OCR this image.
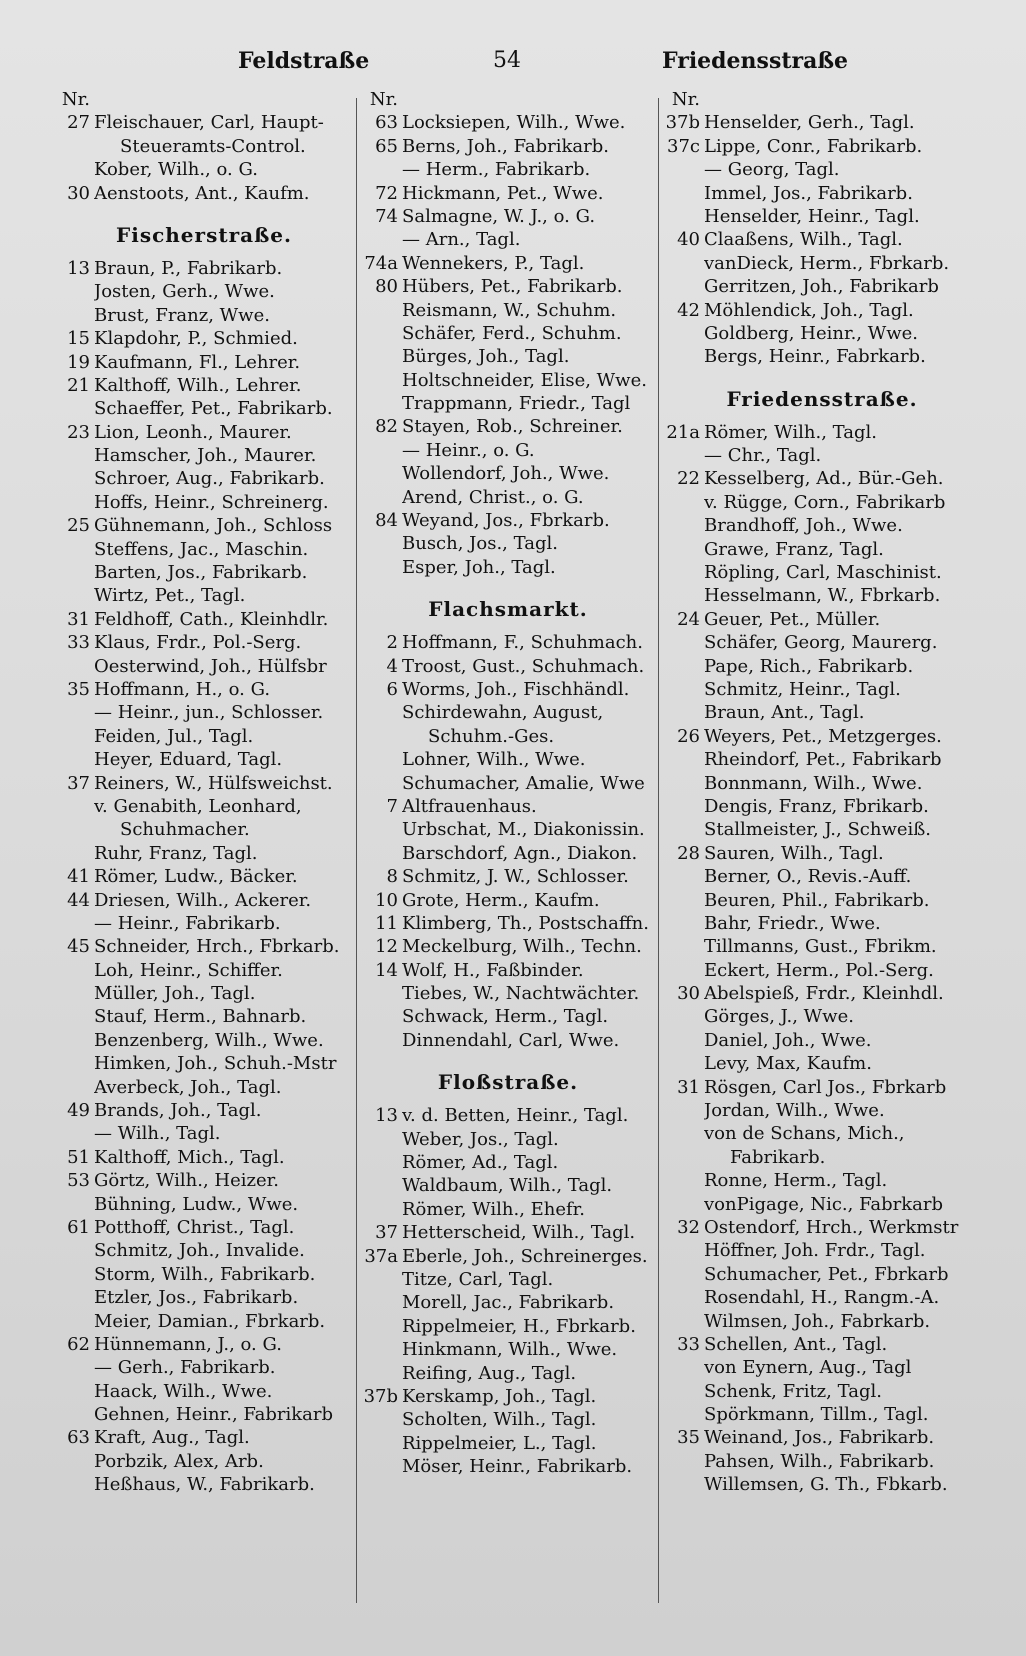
Feldstraße	54	Friedensstraße
Nr.
27 Fleischauer, Carl, Haupt-
Steueramts-Control.
Kober, Wilh., o. G.
30 Aenstoots, Ant., Kaufm.
Fischerstraße.
13 Braun, P., Fabrikarb.
Josten, Gerh., Wwe.
Brust, Franz, Wwe.
15 Klapdohr, P., Schmied.
19 Kaufmann, Fl., Lehrer.
21 Kalthoff, Wilh., Lehrer.
Schaeffer, Pet., Fabrikarb.
23 Lion, Leonh., Maurer.
Hamscher, Joh., Maurer.
Schroer, Aug., Fabrikarb.
Hoffs, Heinr., Schreinerg.
25 Gühnemann, Joh., Schloss
Steffens, Jac., Maschin.
Barten, Jos., Fabrikarb.
Wirtz, Pet., Tagl.
31 Feldhoff, Cath., Kleinhdlr.
33 Klaus, Frdr., Pol.-Serg.
Oesterwind, Joh., Hülfsbr
35 Hoffmann, H., o. G.
— Heinr., jun., Schlosser.
Feiden, Jul., Tagl.
Heyer, Eduard, Tagl.
37 Reiners, W., Hülfsweichst.
v. Genabith, Leonhard,
Schuhmacher.
Ruhr, Franz, Tagl.
41 Römer, Ludw., Bäcker.
44 Driesen, Wilh., Ackerer.
— Heinr., Fabrikarb.
45 Schneider, Hrch., Fbrkarb.
Loh, Heinr., Schiffer.
Müller, Joh., Tagl.
Stauf, Herm., Bahnarb.
Benzenberg, Wilh., Wwe.
Himken, Joh., Schuh.-Mstr
Averbeck, Joh., Tagl.
49 Brands, Joh., Tagl.
— Wilh., Tagl.
51 Kalthoff, Mich., Tagl.
53 Görtz, Wilh., Heizer.
Bühning, Ludw., Wwe.
61 Potthoff, Christ., Tagl.
Schmitz, Joh., Invalide.
Storm, Wilh., Fabrikarb.
Etzler, Jos., Fabrikarb.
Meier, Damian., Fbrkarb.
62 Hünnemann, J., o. G.
— Gerh., Fabrikarb.
Haack, Wilh., Wwe.
Gehnen, Heinr., Fabrikarb
63 Kraft, Aug., Tagl.
Porbzik, Alex, Arb.
Heßhaus, W., Fabrikarb.
Nr.
63 Locksiepen, Wilh., Wwe.
65 Berns, Joh., Fabrikarb.
— Herm., Fabrikarb.
72 Hickmann, Pet., Wwe.
74 Salmagne, W. J., o. G.
— Arn., Tagl.
74a Wennekers, P., Tagl.
80 Hübers, Pet., Fabrikarb.
Reismann, W., Schuhm.
Schäfer, Ferd., Schuhm.
Bürges, Joh., Tagl.
Holtschneider, Elise, Wwe.
Trappmann, Friedr., Tagl
82 Stayen, Rob., Schreiner.
— Heinr., o. G.
Wollendorf, Joh., Wwe.
Arend, Christ., o. G.
84 Weyand, Jos., Fbrkarb.
Busch, Jos., Tagl.
Esper, Joh., Tagl.
Flachsmarkt.
2 Hoffmann, F., Schuhmach.
4 Troost, Gust., Schuhmach.
6 Worms, Joh., Fischhändl.
Schirdewahn, August,
Schuhm.-Ges.
Lohner, Wilh., Wwe.
Schumacher, Amalie, Wwe
7 Altfrauenhaus.
Urbschat, M., Diakonissin.
Barschdorf, Agn., Diakon.
8 Schmitz, J. W., Schlosser.
10 Grote, Herm., Kaufm.
11 Klimberg, Th., Postschaffn.
12 Meckelburg, Wilh., Techn.
14 Wolf, H., Faßbinder.
Tiebes, W., Nachtwächter.
Schwack, Herm., Tagl.
Dinnendahl, Carl, Wwe.
Floßstraße.
13 v. d. Betten, Heinr., Tagl.
Weber, Jos., Tagl.
Römer, Ad., Tagl.
Waldbaum, Wilh., Tagl.
Römer, Wilh., Ehefr.
37 Hetterscheid, Wilh., Tagl.
37a Eberle, Joh., Schreinerges.
Titze, Carl, Tagl.
Morell, Jac., Fabrikarb.
Rippelmeier, H., Fbrkarb.
Hinkmann, Wilh., Wwe.
Reifing, Aug., Tagl.
37b Kerskamp, Joh., Tagl.
Scholten, Wilh., Tagl.
Rippelmeier, L., Tagl.
Möser, Heinr., Fabrikarb.
Nr.
37b Henselder, Gerh., Tagl.
37c Lippe, Conr., Fabrikarb.
— Georg, Tagl.
Immel, Jos., Fabrikarb.
Henselder, Heinr., Tagl.
40 Claaßens, Wilh., Tagl.
vanDieck, Herm., Fbrkarb.
Gerritzen, Joh., Fabrikarb
42 Möhlendick, Joh., Tagl.
Goldberg, Heinr., Wwe.
Bergs, Heinr., Fabrkarb.
Friedensstraße.
21a Römer, Wilh., Tagl.
— Chr., Tagl.
22 Kesselberg, Ad., Bür.-Geh.
v. Rügge, Corn., Fabrikarb
Brandhoff, Joh., Wwe.
Grawe, Franz, Tagl.
Röpling, Carl, Maschinist.
Hesselmann, W., Fbrkarb.
24 Geuer, Pet., Müller.
Schäfer, Georg, Maurerg.
Pape, Rich., Fabrikarb.
Schmitz, Heinr., Tagl.
Braun, Ant., Tagl.
26 Weyers, Pet., Metzgerges.
Rheindorf, Pet., Fabrikarb
Bonnmann, Wilh., Wwe.
Dengis, Franz, Fbrikarb.
Stallmeister, J., Schweiß.
28 Sauren, Wilh., Tagl.
Berner, O., Revis.-Auff.
Beuren, Phil., Fabrikarb.
Bahr, Friedr., Wwe.
Tillmanns, Gust., Fbrikm.
Eckert, Herm., Pol.-Serg.
30 Abelspieß, Frdr., Kleinhdl.
Görges, J., Wwe.
Daniel, Joh., Wwe.
Levy, Max, Kaufm.
31 Rösgen, Carl Jos., Fbrkarb
Jordan, Wilh., Wwe.
von de Schans, Mich.,
Fabrikarb.
Ronne, Herm., Tagl.
vonPigage, Nic., Fabrkarb
32 Ostendorf, Hrch., Werkmstr
Höffner, Joh. Frdr., Tagl.
Schumacher, Pet., Fbrkarb
Rosendahl, H., Rangm.-A.
Wilmsen, Joh., Fabrkarb.
33 Schellen, Ant., Tagl.
von Eynern, Aug., Tagl
Schenk, Fritz, Tagl.
Spörkmann, Tillm., Tagl.
35 Weinand, Jos., Fabrikarb.
Pahsen, Wilh., Fabrikarb.
Willemsen, G. Th., Fbkarb.
